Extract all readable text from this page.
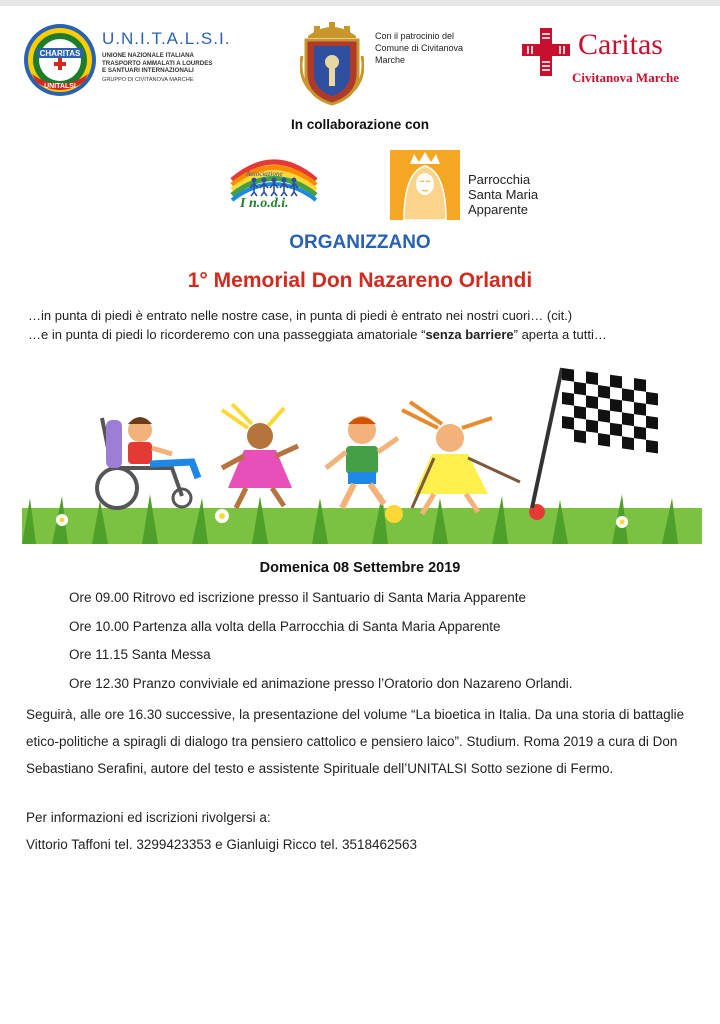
CHARITAS
UNITALSI
U.N.I.T.A.L.S.I.
UNIONE NAZIONALE ITALIANA
TRASPORTO AMMALATI A LOURDES
E SANTUARI INTERNAZIONALI
GRUPPO DI CIVITANOVA MARCHE
Con il patrocinio del
Comune di Civitanova
Marche	Caritas
Civitanova Marche
In collaborazione con
Associazione
I n.o.d.i.
Parrocchia
Santa Maria
Apparente
ORGANIZZANO
1° Memorial Don Nazareno Orlandi
…in punta di piedi è entrato nelle nostre case, in punta di piedi è entrato nei nostri cuori… (cit.)
…e in punta di piedi lo ricorderemo con una passeggiata amatoriale “senza barriere” aperta a tutti…
Domenica 08 Settembre 2019
Ore 09.00 Ritrovo ed iscrizione presso il Santuario di Santa Maria Apparente
Ore 10.00 Partenza alla volta della Parrocchia di Santa Maria Apparente
Ore 11.15 Santa Messa
Ore 12.30 Pranzo conviviale ed animazione presso l’Oratorio don Nazareno Orlandi.
Seguirà, alle ore 16.30 successive, la presentazione del volume “La bioetica in Italia. Da una storia di battaglie etico-politiche a spiragli di dialogo tra pensiero cattolico e pensiero laico”. Studium. Roma 2019 a cura di Don Sebastiano Serafini, autore del testo e assistente Spirituale dell’UNITALSI Sotto sezione di Fermo.
Per informazioni ed iscrizioni rivolgersi a:
Vittorio Taffoni tel. 3299423353 e Gianluigi Ricco tel. 3518462563
